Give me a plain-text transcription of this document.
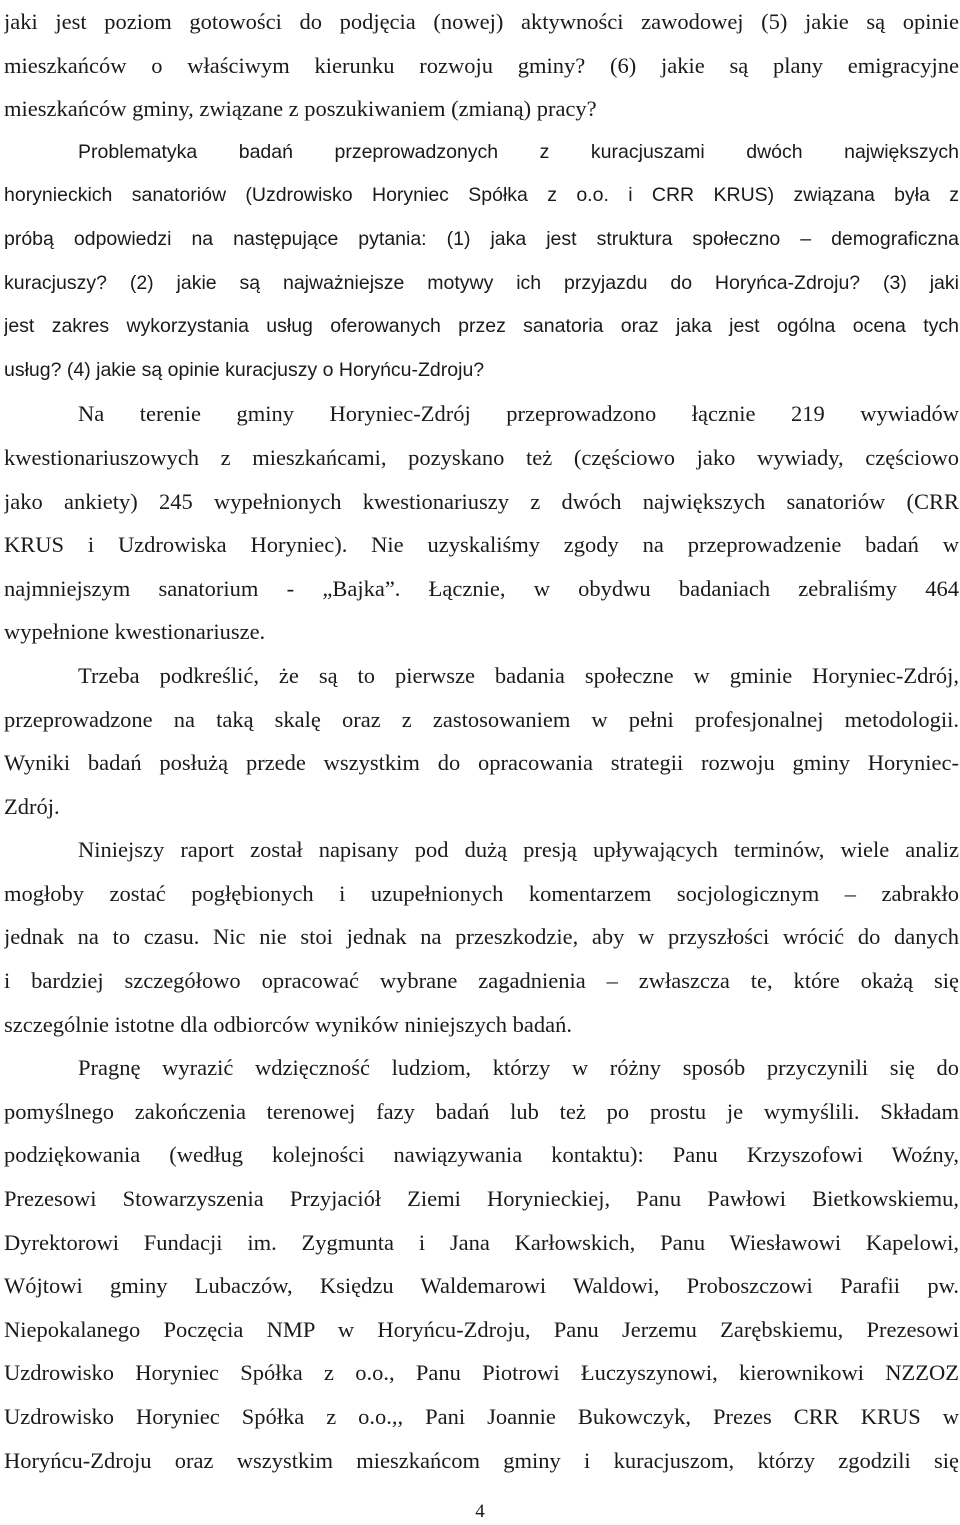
jaki jest poziom gotowości do podjęcia (nowej) aktywności zawodowej (5) jakie są opinie
mieszkańców o właściwym kierunku rozwoju gminy? (6) jakie są plany emigracyjne
mieszkańców gminy, związane z poszukiwaniem (zmianą) pracy?
Problematyka badań przeprowadzonych z kuracjuszami dwóch największych
horynieckich sanatoriów (Uzdrowisko Horyniec Spółka z o.o. i CRR KRUS) związana była z
próbą odpowiedzi na następujące pytania: (1) jaka jest struktura społeczno – demograficzna
kuracjuszy? (2) jakie są najważniejsze motywy ich przyjazdu do Horyńca-Zdroju? (3) jaki
jest zakres wykorzystania usług oferowanych przez sanatoria oraz jaka jest ogólna ocena tych
usług? (4) jakie są opinie kuracjuszy o Horyńcu-Zdroju?
Na terenie gminy Horyniec-Zdrój przeprowadzono łącznie 219 wywiadów
kwestionariuszowych z mieszkańcami, pozyskano też (częściowo jako wywiady, częściowo
jako ankiety) 245 wypełnionych kwestionariuszy z dwóch największych sanatoriów (CRR
KRUS i Uzdrowiska Horyniec). Nie uzyskaliśmy zgody na przeprowadzenie badań w
najmniejszym sanatorium - „Bajka”. Łącznie, w obydwu badaniach zebraliśmy 464
wypełnione kwestionariusze.
Trzeba podkreślić, że są to pierwsze badania społeczne w gminie Horyniec-Zdrój,
przeprowadzone na taką skalę oraz z zastosowaniem w pełni profesjonalnej metodologii.
Wyniki badań posłużą przede wszystkim do opracowania strategii rozwoju gminy Horyniec-
Zdrój.
Niniejszy raport został napisany pod dużą presją upływających terminów, wiele analiz
mogłoby zostać pogłębionych i uzupełnionych komentarzem socjologicznym – zabrakło
jednak na to czasu. Nic nie stoi jednak na przeszkodzie, aby w przyszłości wrócić do danych
i bardziej szczegółowo opracować wybrane zagadnienia – zwłaszcza te, które okażą się
szczególnie istotne dla odbiorców wyników niniejszych badań.
Pragnę wyrazić wdzięczność ludziom, którzy w różny sposób przyczynili się do
pomyślnego zakończenia terenowej fazy badań lub też po prostu je wymyślili. Składam
podziękowania (według kolejności nawiązywania kontaktu): Panu Krzyszofowi Woźny,
Prezesowi Stowarzyszenia Przyjaciół Ziemi Horynieckiej, Panu Pawłowi Bietkowskiemu,
Dyrektorowi Fundacji im. Zygmunta i Jana Karłowskich, Panu Wiesławowi Kapelowi,
Wójtowi gminy Lubaczów, Księdzu Waldemarowi Waldowi, Proboszczowi Parafii pw.
Niepokalanego Poczęcia NMP w Horyńcu-Zdroju, Panu Jerzemu Zarębskiemu, Prezesowi
Uzdrowisko Horyniec Spółka z o.o., Panu Piotrowi Łuczyszynowi, kierownikowi NZZOZ
Uzdrowisko Horyniec Spółka z o.o.,, Pani Joannie Bukowczyk, Prezes CRR KRUS w
Horyńcu-Zdroju oraz wszystkim mieszkańcom gminy i kuracjuszom, którzy zgodzili się
4
